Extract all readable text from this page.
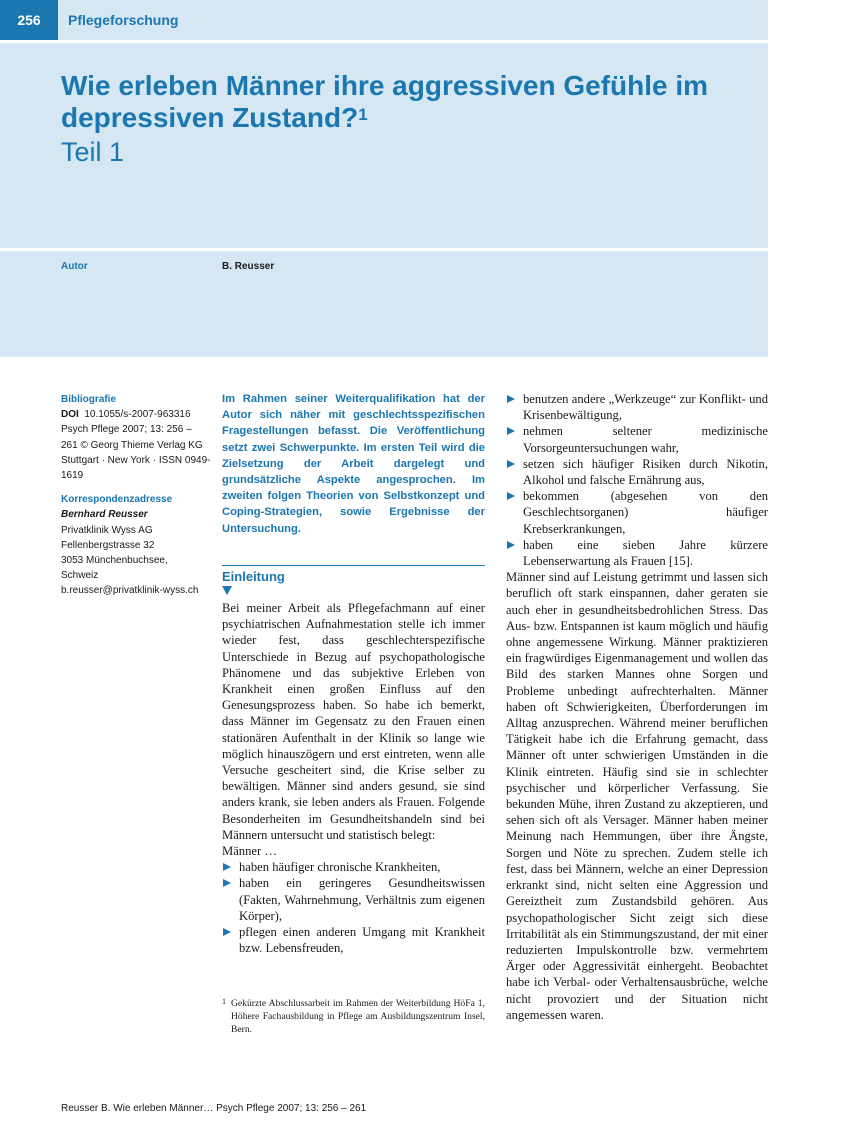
256	Pflegeforschung
Wie erleben Männer ihre aggressiven Gefühle im depressiven Zustand?$^1$
Teil 1
Autor	B. Reusser
Bibliografie
DOI 10.1055/s-2007-963316
Psych Pflege 2007; 13: 256 – 261 © Georg Thieme Verlag KG Stuttgart · New York · ISSN 0949-1619
Korrespondenzadresse
Bernhard Reusser
Privatklinik Wyss AG
Fellenbergstrasse 32
3053 Münchenbuchsee,
Schweiz
b.reusser@privatklinik-wyss.ch
Im Rahmen seiner Weiterqualifikation hat der Autor sich näher mit geschlechtsspezifischen Fragestellungen befasst. Die Veröffentlichung setzt zwei Schwerpunkte. Im ersten Teil wird die Zielsetzung der Arbeit dargelegt und grundsätzliche Aspekte angesprochen. Im zweiten folgen Theorien von Selbstkonzept und Coping-Strategien, sowie Ergebnisse der Untersuchung.
Einleitung

Bei meiner Arbeit als Pflegefachmann auf einer psychiatrischen Aufnahmestation stelle ich immer wieder fest, dass geschlechterspezifische Unterschiede in Bezug auf psychopathologische Phänomene und das subjektive Erleben von Krankheit einen großen Einfluss auf den Genesungsprozess haben. So habe ich bemerkt, dass Männer im Gegensatz zu den Frauen einen stationären Aufenthalt in der Klinik so lange wie möglich hinauszögern und erst eintreten, wenn alle Versuche gescheitert sind, die Krise selber zu bewältigen. Männer sind anders gesund, sie sind anders krank, sie leben anders als Frauen. Folgende Besonderheiten im Gesundheitshandeln sind bei Männern untersucht und statistisch belegt:

Männer …

haben häufiger chronische Krankheiten,
haben ein geringeres Gesundheitswissen (Fakten, Wahrnehmung, Verhältnis zum eigenen Körper),
pflegen einen anderen Umgang mit Krankheit bzw. Lebensfreuden,
1 Gekürzte Abschlussarbeit im Rahmen der Weiterbildung HöFa 1, Höhere Fachausbildung in Pflege am Ausbildungszentrum Insel, Bern.
benutzen andere „Werkzeuge“ zur Konflikt- und Krisenbewältigung,
nehmen seltener medizinische Vorsorgeuntersuchungen wahr,
setzen sich häufiger Risiken durch Nikotin, Alkohol und falsche Ernährung aus,
bekommen (abgesehen von den Geschlechtsorganen) häufiger Krebserkrankungen,
haben eine sieben Jahre kürzere Lebenserwartung als Frauen [15].

Männer sind auf Leistung getrimmt und lassen sich beruflich oft stark einspannen, daher geraten sie auch eher in gesundheitsbedrohlichen Stress. Das Aus- bzw. Entspannen ist kaum möglich und häufig ohne angemessene Wirkung. Männer praktizieren ein fragwürdiges Eigenmanagement und wollen das Bild des starken Mannes ohne Sorgen und Probleme unbedingt aufrechterhalten. Männer haben oft Schwierigkeiten, Überforderungen im Alltag anzusprechen. Während meiner beruflichen Tätigkeit habe ich die Erfahrung gemacht, dass Männer oft unter schwierigen Umständen in die Klinik eintreten. Häufig sind sie in schlechter psychischer und körperlicher Verfassung. Sie bekunden Mühe, ihren Zustand zu akzeptieren, und sehen sich oft als Versager. Männer haben meiner Meinung nach Hemmungen, über ihre Ängste, Sorgen und Nöte zu sprechen. Zudem stelle ich fest, dass bei Männern, welche an einer Depression erkrankt sind, nicht selten eine Aggression und Gereiztheit zum Zustandsbild gehören. Aus psychopathologischer Sicht zeigt sich diese Irritabilität als ein Stimmungszustand, der mit einer reduzierten Impulskontrolle bzw. vermehrtem Ärger oder Aggressivität einhergeht. Beobachtet habe ich Verbal- oder Verhaltensausbrüche, welche nicht provoziert und der Situation nicht angemessen waren.

Reusser B. Wie erleben Männer… Psych Pflege 2007; 13: 256 – 261
